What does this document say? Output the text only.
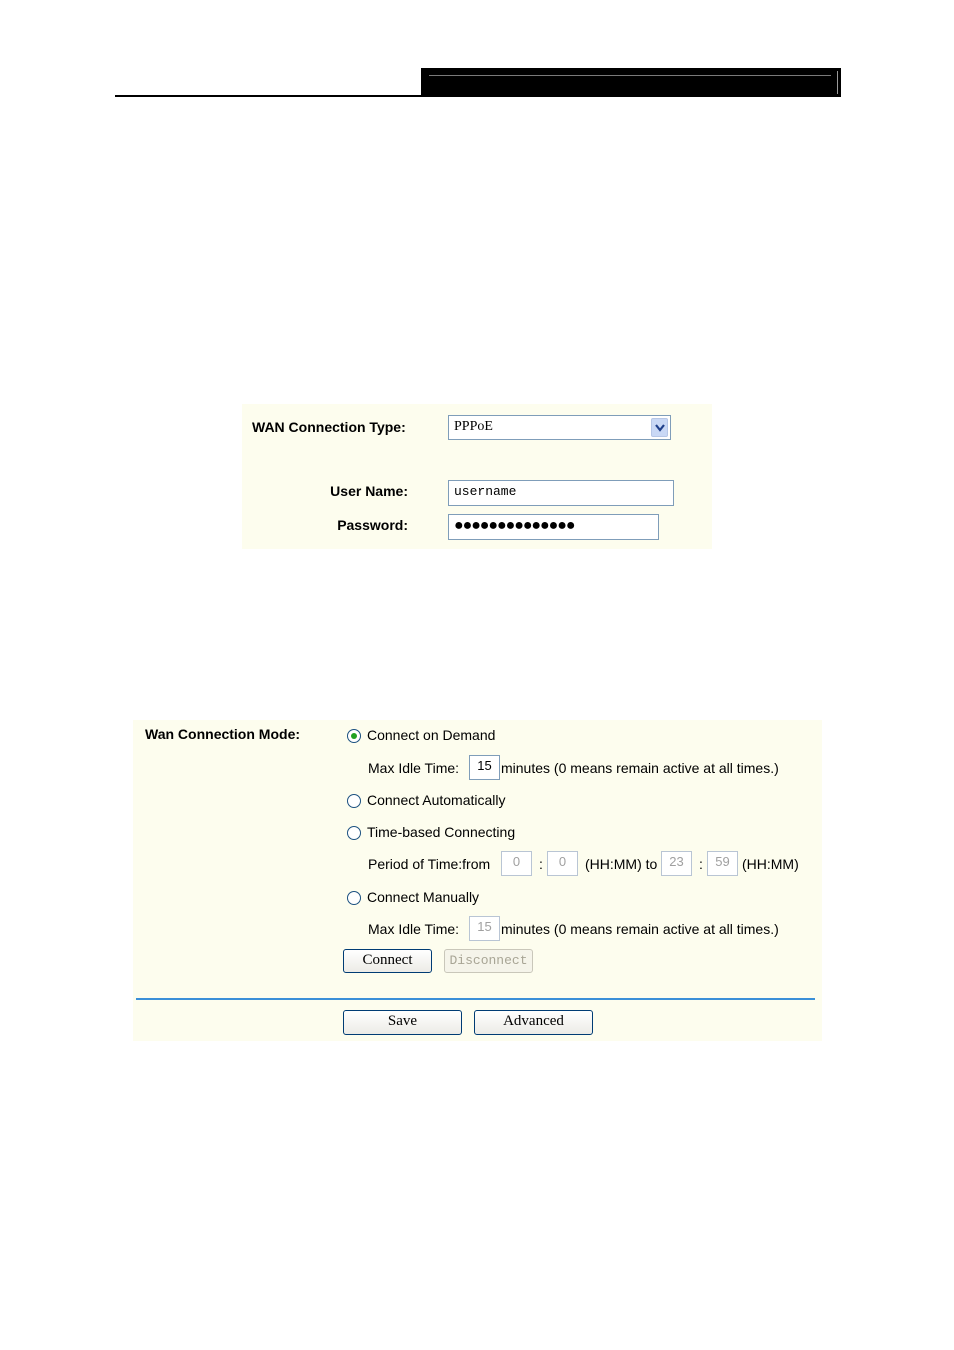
WAN Connection Type:	PPPoE
User Name:	username
Password:	●●●●●●●●●●●●●●
Wan Connection Mode:	Connect on Demand
Max Idle Time:	15 minutes (0 means remain active at all times.)
Connect Automatically
Time-based Connecting
Period of Time:from	0	:	0	(HH:MM) to 23	: 59 (HH:MM)
Connect Manually
Max Idle Time:	15 minutes (0 means remain active at all times.)
Connect	Disconnect
Save	Advanced
